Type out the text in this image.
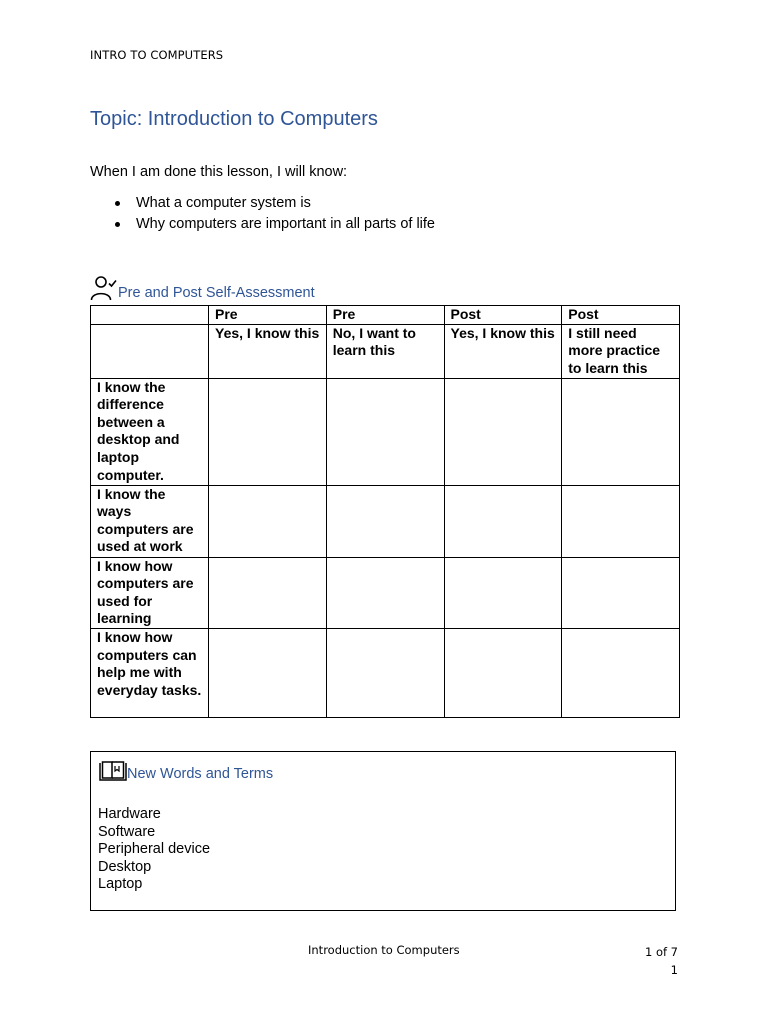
INTRO TO COMPUTERS
Topic: Introduction to Computers
When I am done this lesson, I will know:
What a computer system is
Why computers are important in all parts of life
Pre and Post Self-Assessment
	Pre	Pre	Post	Post
	Yes, I know this	No, I want to learn this	Yes, I know this	I still need more practice to learn this
I know the difference between a desktop and laptop computer.				
I know the ways computers are used at work				
I know how computers are used for learning				
I know how computers can help me with everyday tasks.				
New Words and Terms
Hardware
Software
Peripheral device
Desktop
Laptop
Introduction to Computers	1 of 7
1
